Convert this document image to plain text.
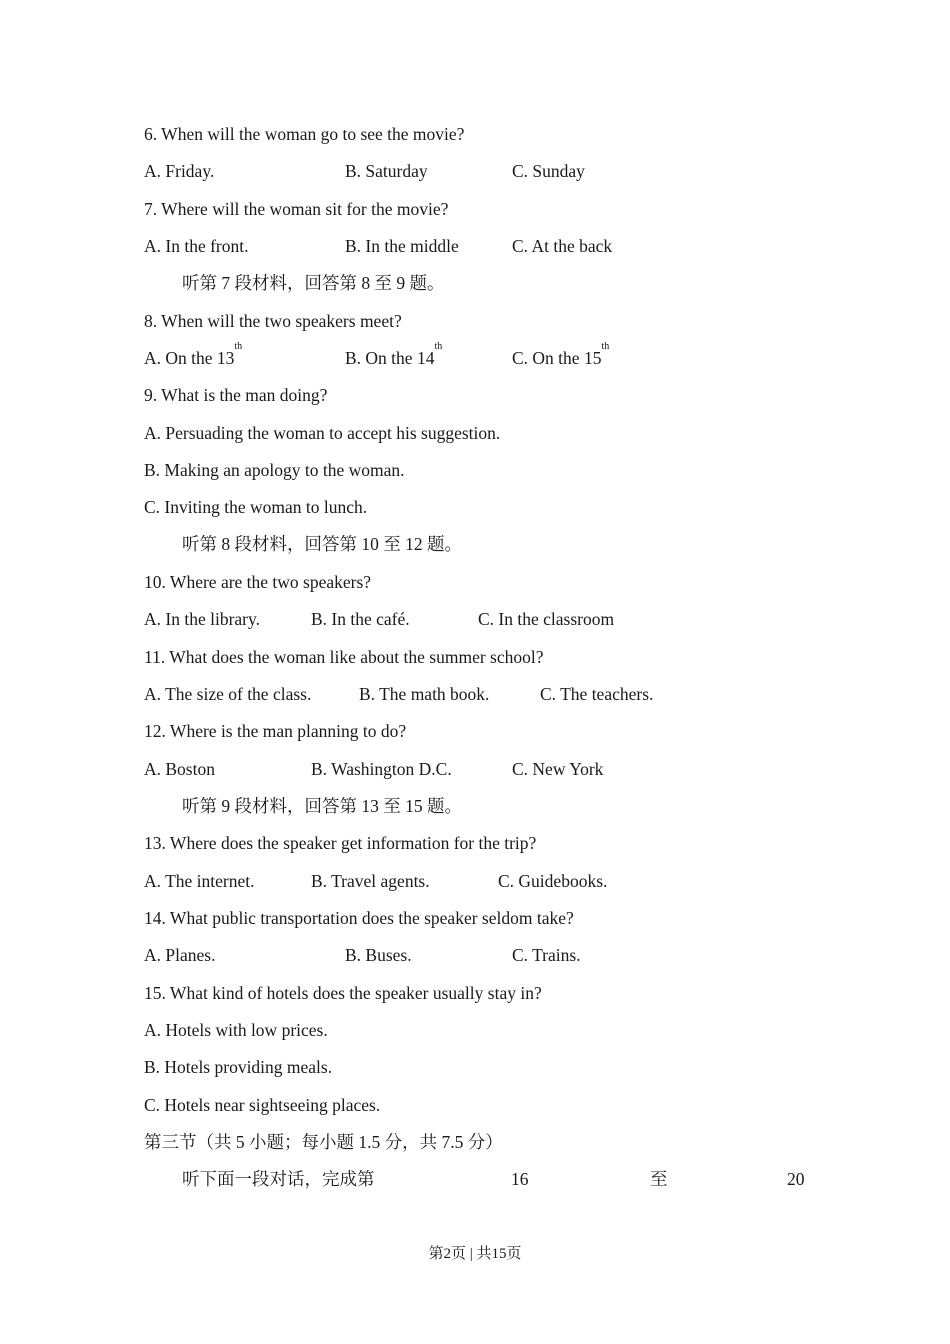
6. When will the woman go to see the movie?
A. Friday.	B. Saturday	C. Sunday
7. Where will the woman sit for the movie?
A. In the front.	B. In the middle	C. At the back
听第 7 段材料，回答第 8 至 9 题。
8. When will the two speakers meet?
A. On the 13th
B. On the 14th
C. On the 15th
9. What is the man doing?
A. Persuading the woman to accept his suggestion.
B. Making an apology to the woman.
C. Inviting the woman to lunch.
听第 8 段材料，回答第 10 至 12 题。
10. Where are the two speakers?
A. In the library.	B. In the café.	C. In the classroom
11. What does the woman like about the summer school?
A. The size of the class.	B. The math book.	C. The teachers.
12. Where is the man planning to do?
A. Boston	B. Washington D.C.	C. New York
听第 9 段材料，回答第 13 至 15 题。
13. Where does the speaker get information for the trip?
A. The internet.	B. Travel agents.	C. Guidebooks.
14. What public transportation does the speaker seldom take?
A. Planes.	B. Buses.	C. Trains.
15. What kind of hotels does the speaker usually stay in?
A. Hotels with low prices.
B. Hotels providing meals.
C. Hotels near sightseeing places.
第三节（共 5 小题；每小题 1.5 分，共 7.5 分）
听下面一段对话，完成第	16	至	20
第2页 | 共15页
